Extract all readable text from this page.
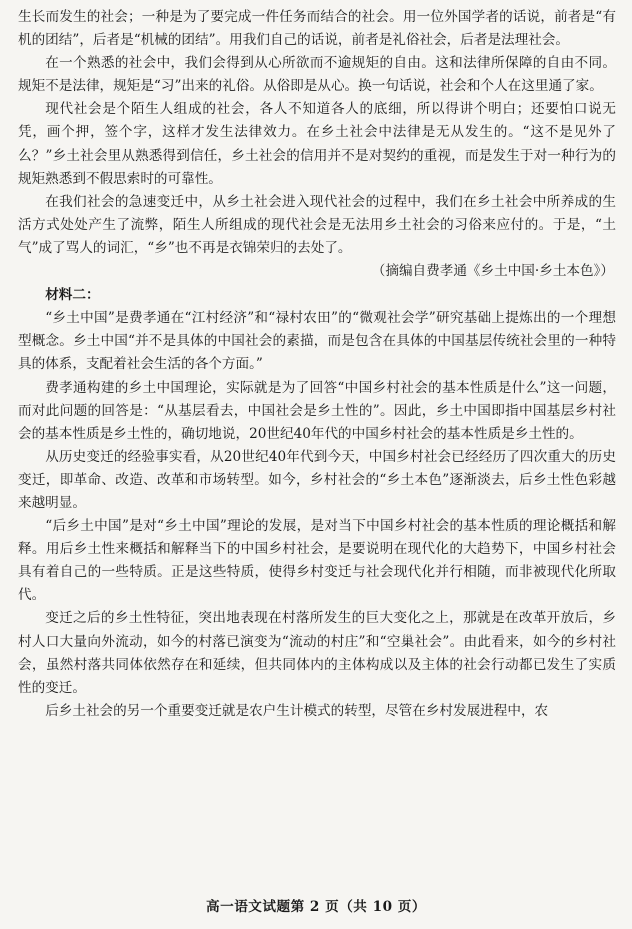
生长而发生的社会；一种是为了要完成一件任务而结合的社会。用一位外国学者的话说，前者是“有机的团结”，后者是“机械的团结”。用我们自己的话说，前者是礼俗社会，后者是法理社会。

在一个熟悉的社会中，我们会得到从心所欲而不逾规矩的自由。这和法律所保障的自由不同。规矩不是法律，规矩是“习”出来的礼俗。从俗即是从心。换一句话说，社会和个人在这里通了家。

现代社会是个陌生人组成的社会，各人不知道各人的底细，所以得讲个明白；还要怕口说无凭，画个押，签个字，这样才发生法律效力。在乡土社会中法律是无从发生的。“这不是见外了么？”乡土社会里从熟悉得到信任，乡土社会的信用并不是对契约的重视，而是发生于对一种行为的规矩熟悉到不假思索时的可靠性。

在我们社会的急速变迁中，从乡土社会进入现代社会的过程中，我们在乡土社会中所养成的生活方式处处产生了流弊，陌生人所组成的现代社会是无法用乡土社会的习俗来应付的。于是，“土气”成了骂人的词汇，“乡”也不再是衣锦荣归的去处了。

（摘编自费孝通《乡土中国·乡土本色》）

材料二：

“乡土中国”是费孝通在“江村经济”和“禄村农田”的“微观社会学”研究基础上提炼出的一个理想型概念。乡土中国“并不是具体的中国社会的素描，而是包含在具体的中国基层传统社会里的一种特具的体系，支配着社会生活的各个方面。”

费孝通构建的乡土中国理论，实际就是为了回答“中国乡村社会的基本性质是什么”这一问题，而对此问题的回答是：“从基层看去，中国社会是乡土性的”。因此，乡土中国即指中国基层乡村社会的基本性质是乡土性的，确切地说，20世纪40年代的中国乡村社会的基本性质是乡土性的。

从历史变迁的经验事实看，从20世纪40年代到今天，中国乡村社会已经经历了四次重大的历史变迁，即革命、改造、改革和市场转型。如今，乡村社会的“乡土本色”逐渐淡去，后乡土性色彩越来越明显。

“后乡土中国”是对“乡土中国”理论的发展，是对当下中国乡村社会的基本性质的理论概括和解释。用后乡土性来概括和解释当下的中国乡村社会，是要说明在现代化的大趋势下，中国乡村社会具有着自己的一些特质。正是这些特质，使得乡村变迁与社会现代化并行相随，而非被现代化所取代。

变迁之后的乡土性特征，突出地表现在村落所发生的巨大变化之上，那就是在改革开放后，乡村人口大量向外流动，如今的村落已演变为“流动的村庄”和“空巢社会”。由此看来，如今的乡村社会，虽然村落共同体依然存在和延续，但共同体内的主体构成以及主体的社会行动都已发生了实质性的变迁。

后乡土社会的另一个重要变迁就是农户生计模式的转型，尽管在乡村发展进程中，农

高一语文试题第 2 页（共 10 页）
